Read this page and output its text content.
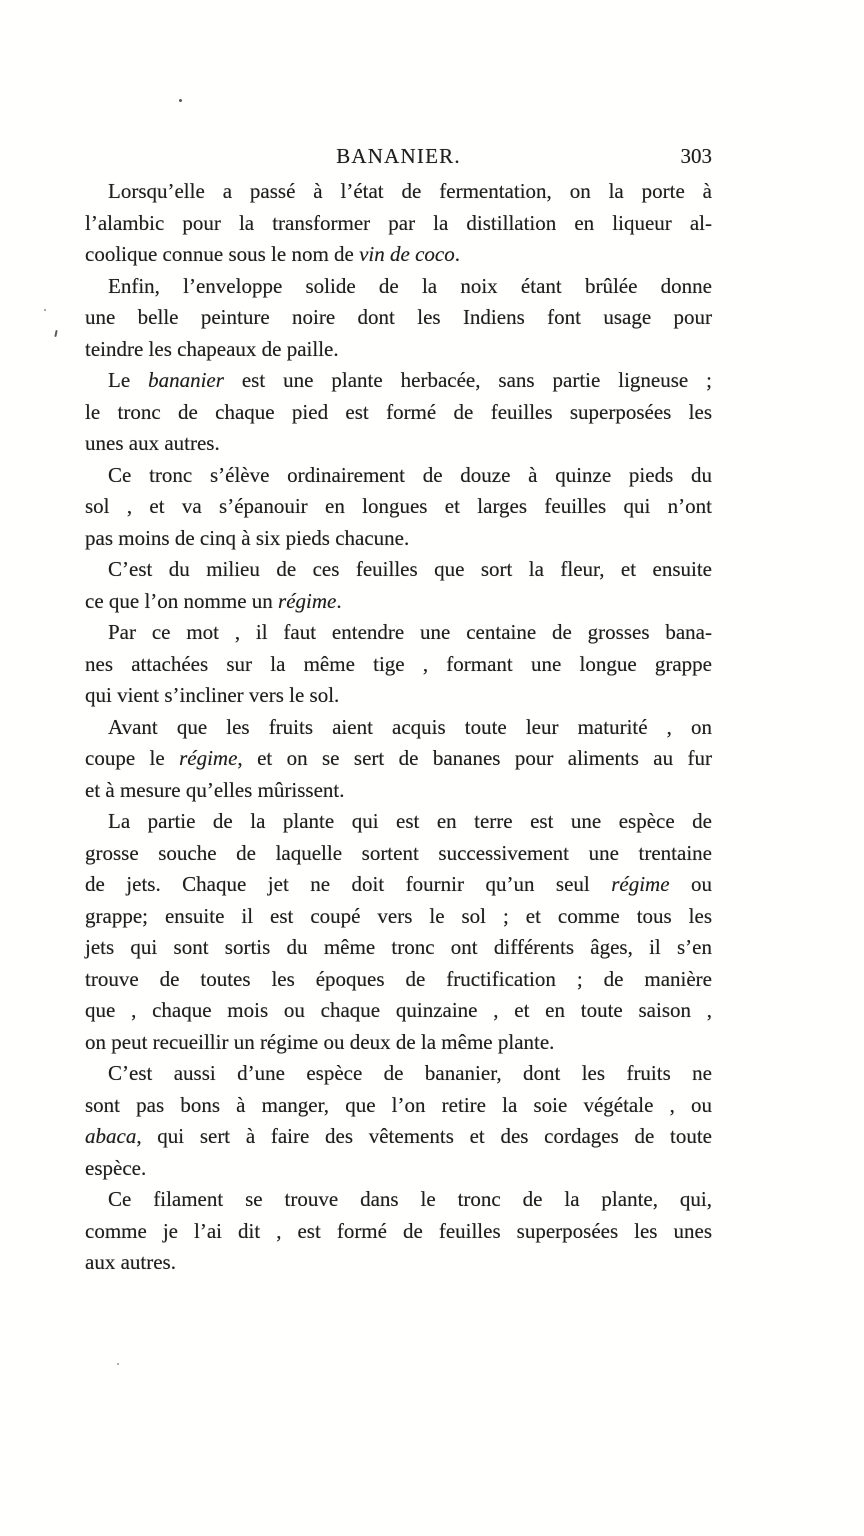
BANANIER.	303
Lorsqu’elle a passé à l’état de fermentation, on la porte à
l’alambic pour la transformer par la distillation en liqueur al-
coolique connue sous le nom de vin de coco.
Enfin, l’enveloppe solide de la noix étant brûlée donne
une belle peinture noire dont les Indiens font usage pour
teindre les chapeaux de paille.
Le bananier est une plante herbacée, sans partie ligneuse ;
le tronc de chaque pied est formé de feuilles superposées les
unes aux autres.
Ce tronc s’élève ordinairement de douze à quinze pieds du
sol , et va s’épanouir en longues et larges feuilles qui n’ont
pas moins de cinq à six pieds chacune.
C’est du milieu de ces feuilles que sort la fleur, et ensuite
ce que l’on nomme un régime.
Par ce mot , il faut entendre une centaine de grosses bana-
nes attachées sur la même tige , formant une longue grappe
qui vient s’incliner vers le sol.
Avant que les fruits aient acquis toute leur maturité , on
coupe le régime, et on se sert de bananes pour aliments au fur
et à mesure qu’elles mûrissent.
La partie de la plante qui est en terre est une espèce de
grosse souche de laquelle sortent successivement une trentaine
de jets. Chaque jet ne doit fournir qu’un seul régime ou
grappe; ensuite il est coupé vers le sol ; et comme tous les
jets qui sont sortis du même tronc ont différents âges, il s’en
trouve de toutes les époques de fructification ; de manière
que , chaque mois ou chaque quinzaine , et en toute saison ,
on peut recueillir un régime ou deux de la même plante.
C’est aussi d’une espèce de bananier, dont les fruits ne
sont pas bons à manger, que l’on retire la soie végétale , ou
abaca, qui sert à faire des vêtements et des cordages de toute
espèce.
Ce filament se trouve dans le tronc de la plante, qui,
comme je l’ai dit , est formé de feuilles superposées les unes
aux autres.
